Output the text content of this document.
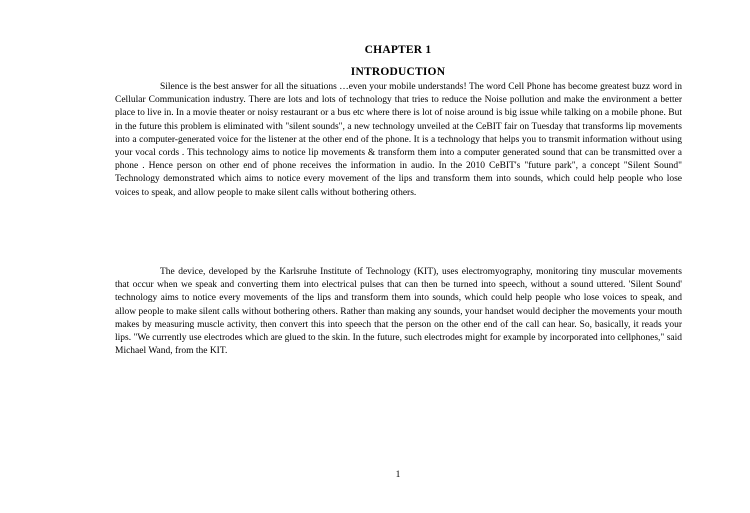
CHAPTER 1
INTRODUCTION

Silence is the best answer for all the situations …even your mobile understands! The word Cell Phone has become greatest buzz word in Cellular Communication industry. There are lots and lots of technology that tries to reduce the Noise pollution and make the environment a better place to live in. In a movie theater or noisy restaurant or a bus etc where there is lot of noise around is big issue while talking on a mobile phone. But in the future this problem is eliminated with "silent sounds", a new technology unveiled at the CeBIT fair on Tuesday that transforms lip movements into a computer-generated voice for the listener at the other end of the phone. It is a technology that helps you to transmit information without using your vocal cords . This technology aims to notice lip movements & transform them into a computer generated sound that can be transmitted over a phone . Hence person on other end of phone receives the information in audio. In the 2010 CeBIT's "future park", a concept "Silent Sound" Technology demonstrated which aims to notice every movement of the lips and transform them into sounds, which could help people who lose voices to speak, and allow people to make silent calls without bothering others.

The device, developed by the Karlsruhe Institute of Technology (KIT), uses electromyography, monitoring tiny muscular movements that occur when we speak and converting them into electrical pulses that can then be turned into speech, without a sound uttered. 'Silent Sound' technology aims to notice every movements of the lips and transform them into sounds, which could help people who lose voices to speak, and allow people to make silent calls without bothering others. Rather than making any sounds, your handset would decipher the movements your mouth makes by measuring muscle activity, then convert this into speech that the person on the other end of the call can hear. So, basically, it reads your lips. "We currently use electrodes which are glued to the skin. In the future, such electrodes might for example by incorporated into cellphones," said Michael Wand, from the KIT.

1
